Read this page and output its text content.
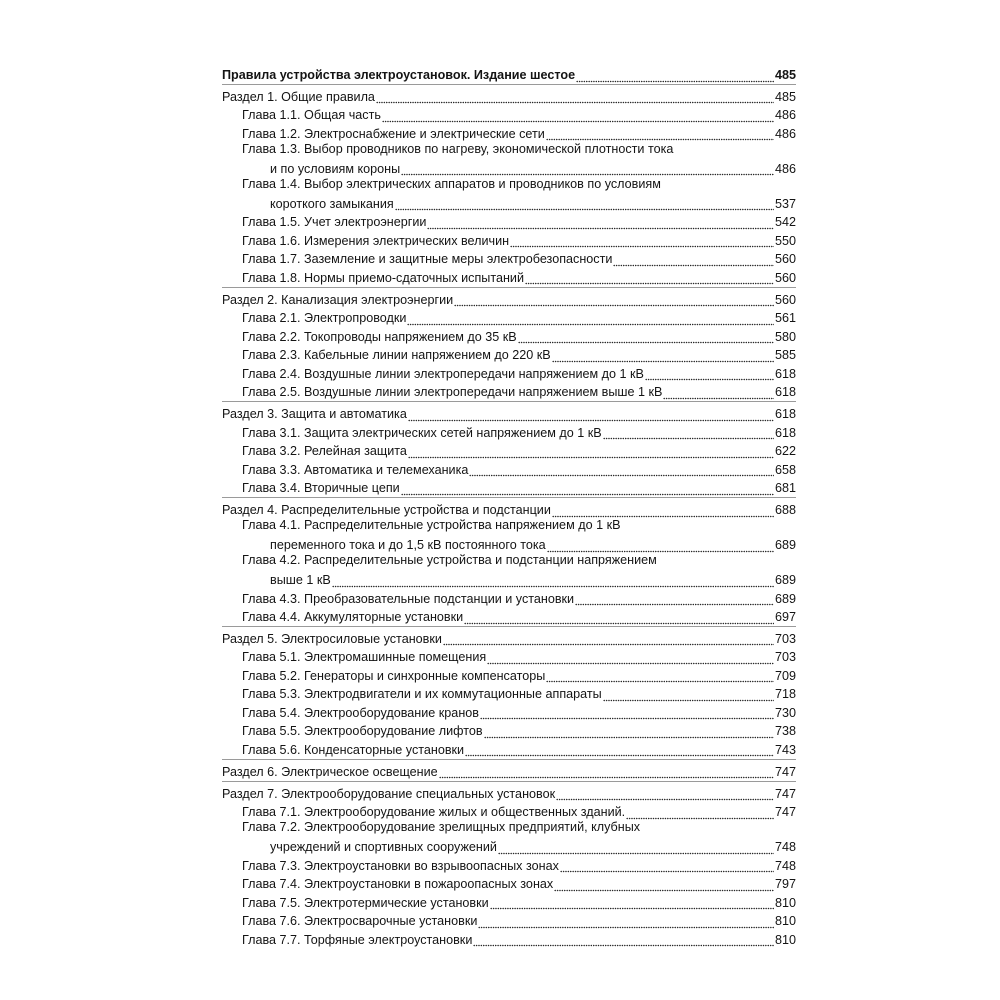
Правила устройства электроустановок. Издание шестое	485
Раздел 1. Общие правила	485
Глава 1.1. Общая часть	486
Глава 1.2. Электроснабжение и электрические сети	486
Глава 1.3. Выбор проводников по нагреву, экономической плотности тока
и по условиям короны	486
Глава 1.4. Выбор электрических аппаратов и проводников по условиям
короткого замыкания	537
Глава 1.5. Учет электроэнергии	542
Глава 1.6. Измерения электрических величин	550
Глава 1.7. Заземление и защитные меры электробезопасности	560
Глава 1.8. Нормы приемо-сдаточных испытаний	560
Раздел 2. Канализация электроэнергии	560
Глава 2.1. Электропроводки	561
Глава 2.2. Токопроводы напряжением до 35 кВ	580
Глава 2.3. Кабельные линии напряжением до 220 кВ	585
Глава 2.4. Воздушные линии электропередачи напряжением до 1 кВ	618
Глава 2.5. Воздушные линии электропередачи напряжением выше 1 кВ	618
Раздел 3. Защита и автоматика	618
Глава 3.1. Защита электрических сетей напряжением до 1 кВ	618
Глава 3.2. Релейная защита	622
Глава 3.3. Автоматика и телемеханика	658
Глава 3.4. Вторичные цепи	681
Раздел 4. Распределительные устройства и подстанции	688
Глава 4.1. Распределительные устройства напряжением до 1 кВ
переменного тока и до 1,5 кВ постоянного тока	689
Глава 4.2. Распределительные устройства и подстанции напряжением
выше 1 кВ	689
Глава 4.3. Преобразовательные подстанции и установки	689
Глава 4.4. Аккумуляторные установки	697
Раздел 5. Электросиловые установки	703
Глава 5.1. Электромашинные помещения	703
Глава 5.2. Генераторы и синхронные компенсаторы	709
Глава 5.3. Электродвигатели и их коммутационные аппараты	718
Глава 5.4. Электрооборудование кранов	730
Глава 5.5. Электрооборудование лифтов	738
Глава 5.6. Конденсаторные установки	743
Раздел 6. Электрическое освещение	747
Раздел 7. Электрооборудование специальных установок	747
Глава 7.1. Электрооборудование жилых и общественных зданий.	747
Глава 7.2. Электрооборудование зрелищных предприятий, клубных
учреждений и спортивных сооружений	748
Глава 7.3. Электроустановки во взрывоопасных зонах	748
Глава 7.4. Электроустановки в пожароопасных зонах	797
Глава 7.5. Электротермические установки	810
Глава 7.6. Электросварочные установки	810
Глава 7.7. Торфяные электроустановки	810
